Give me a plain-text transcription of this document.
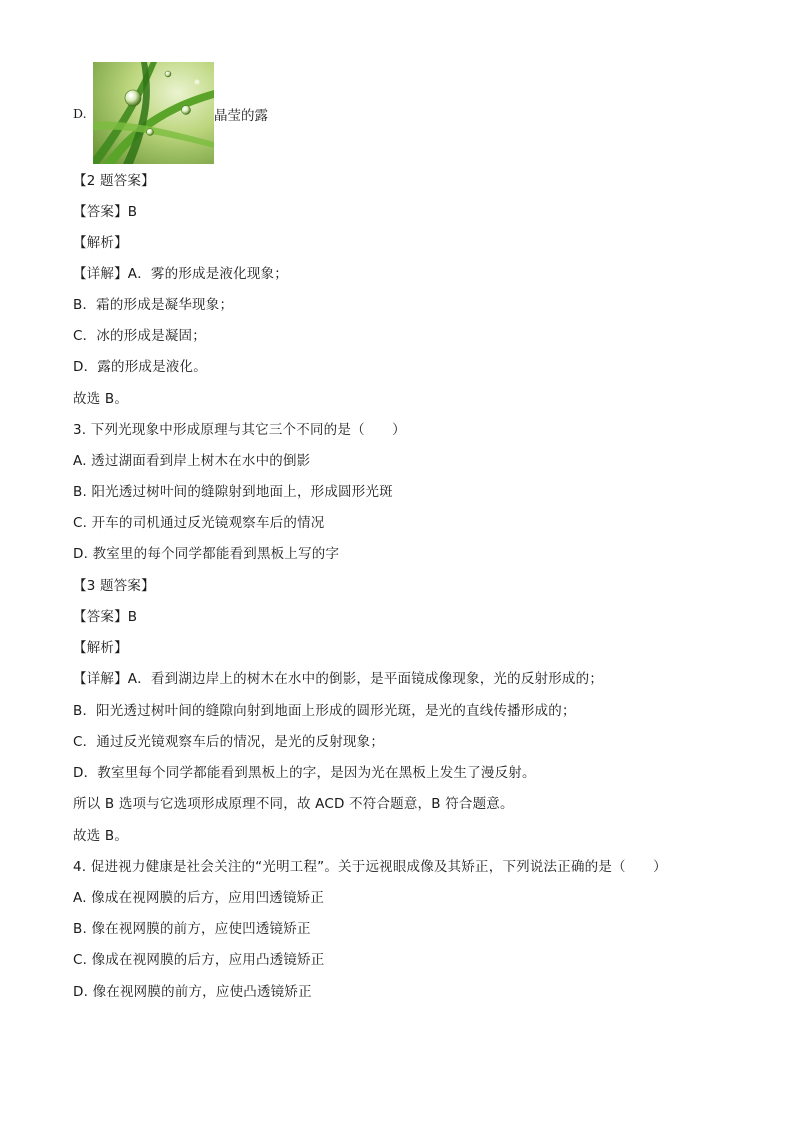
D.	晶莹的露
【2 题答案】
【答案】B
【解析】
【详解】A．雾的形成是液化现象；
B．霜的形成是凝华现象；
C．冰的形成是凝固；
D．露的形成是液化。
故选 B。
3. 下列光现象中形成原理与其它三个不同的是（　　）
A. 透过湖面看到岸上树木在水中的倒影
B. 阳光透过树叶间的缝隙射到地面上，形成圆形光斑
C. 开车的司机通过反光镜观察车后的情况
D. 教室里的每个同学都能看到黑板上写的字
【3 题答案】
【答案】B
【解析】
【详解】A．看到湖边岸上的树木在水中的倒影，是平面镜成像现象，光的反射形成的；
B．阳光透过树叶间的缝隙向射到地面上形成的圆形光斑，是光的直线传播形成的；
C．通过反光镜观察车后的情况，是光的反射现象；
D．教室里每个同学都能看到黑板上的字，是因为光在黑板上发生了漫反射。
所以 B 选项与它选项形成原理不同，故 ACD 不符合题意，B 符合题意。
故选 B。
4. 促进视力健康是社会关注的“光明工程”。关于远视眼成像及其矫正，下列说法正确的是（　　）
A. 像成在视网膜的后方，应用凹透镜矫正
B. 像在视网膜的前方，应使凹透镜矫正
C. 像成在视网膜的后方，应用凸透镜矫正
D. 像在视网膜的前方，应使凸透镜矫正
